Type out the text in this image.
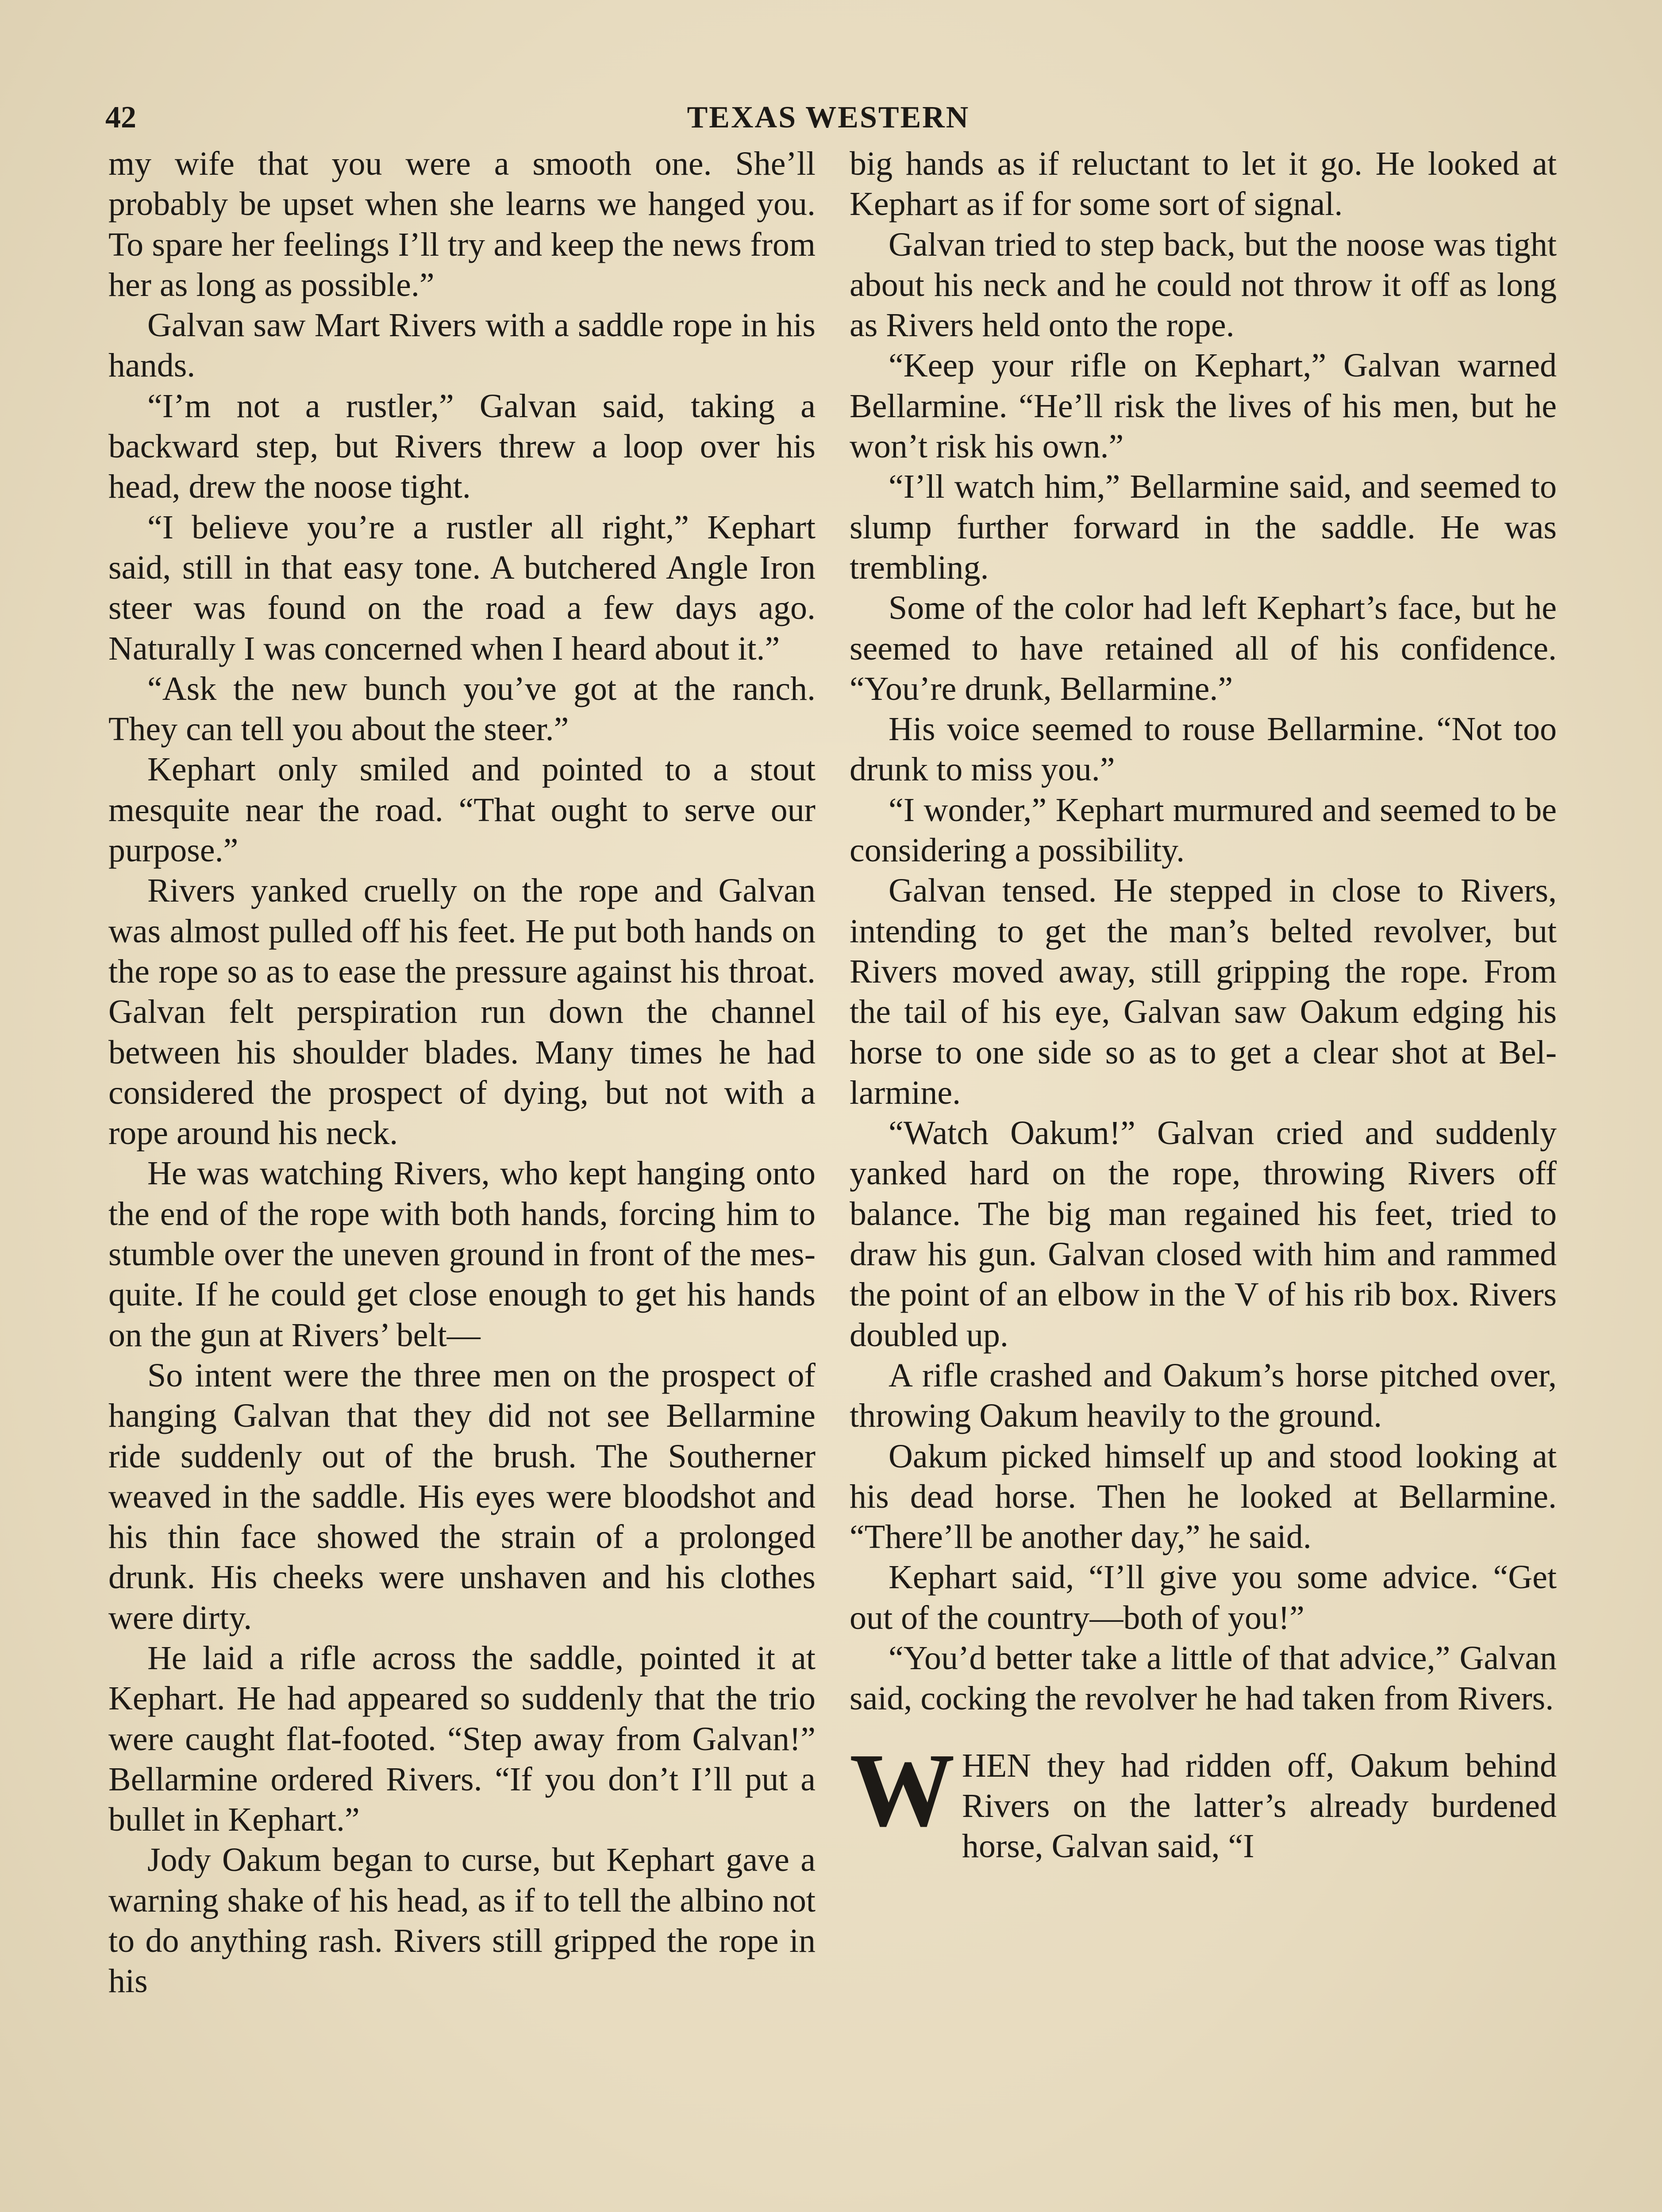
42	TEXAS WESTERN

my wife that you were a smooth one. She’ll probably be upset when she learns we hanged you. To spare her feelings I’ll try and keep the news from her as long as possible.”

Galvan saw Mart Rivers with a saddle rope in his hands.

“I’m not a rustler,” Galvan said, taking a backward step, but Rivers threw a loop over his head, drew the noose tight.

“I believe you’re a rustler all right,” Kephart said, still in that easy tone. A butchered Angle Iron steer was found on the road a few days ago. Naturally I was concerned when I heard about it.”

“Ask the new bunch you’ve got at the ranch. They can tell you about the steer.”

Kephart only smiled and pointed to a stout mesquite near the road. “That ought to serve our purpose.”

Rivers yanked cruelly on the rope and Galvan was almost pulled off his feet. He put both hands on the rope so as to ease the pressure against his throat. Galvan felt perspiration run down the channel between his shoulder blades. Many times he had considered the prospect of dying, but not with a rope around his neck.

He was watching Rivers, who kept hanging onto the end of the rope with both hands, forcing him to stumble over the uneven ground in front of the mesquite. If he could get close enough to get his hands on the gun at Rivers’ belt—

So intent were the three men on the prospect of hanging Galvan that they did not see Bellarmine ride suddenly out of the brush. The Southerner weaved in the saddle. His eyes were bloodshot and his thin face showed the strain of a prolonged drunk. His cheeks were unshaven and his clothes were dirty.

He laid a rifle across the saddle, pointed it at Kephart. He had appeared so suddenly that the trio were caught flat-footed. “Step away from Galvan!” Bellarmine ordered Rivers. “If you don’t I’ll put a bullet in Kephart.”

Jody Oakum began to curse, but Kephart gave a warning shake of his head, as if to tell the albino not to do anything rash. Rivers still gripped the rope in his

big hands as if reluctant to let it go. He looked at Kephart as if for some sort of signal.

Galvan tried to step back, but the noose was tight about his neck and he could not throw it off as long as Rivers held onto the rope.

“Keep your rifle on Kephart,” Galvan warned Bellarmine. “He’ll risk the lives of his men, but he won’t risk his own.”

“I’ll watch him,” Bellarmine said, and seemed to slump further forward in the saddle. He was trembling.

Some of the color had left Kephart’s face, but he seemed to have retained all of his confidence. “You’re drunk, Bellarmine.”

His voice seemed to rouse Bellarmine. “Not too drunk to miss you.”

“I wonder,” Kephart murmured and seemed to be considering a possibility.

Galvan tensed. He stepped in close to Rivers, intending to get the man’s belted revolver, but Rivers moved away, still gripping the rope. From the tail of his eye, Galvan saw Oakum edging his horse to one side so as to get a clear shot at Bellarmine.

“Watch Oakum!” Galvan cried and suddenly yanked hard on the rope, throwing Rivers off balance. The big man regained his feet, tried to draw his gun. Galvan closed with him and rammed the point of an elbow in the V of his rib box. Rivers doubled up.

A rifle crashed and Oakum’s horse pitched over, throwing Oakum heavily to the ground.

Oakum picked himself up and stood looking at his dead horse. Then he looked at Bellarmine. “There’ll be another day,” he said.

Kephart said, “I’ll give you some advice. “Get out of the country—both of you!”

“You’d better take a little of that advice,” Galvan said, cocking the revolver he had taken from Rivers.

WHEN they had ridden off, Oakum behind Rivers on the latter’s already burdened horse, Galvan said, “I
